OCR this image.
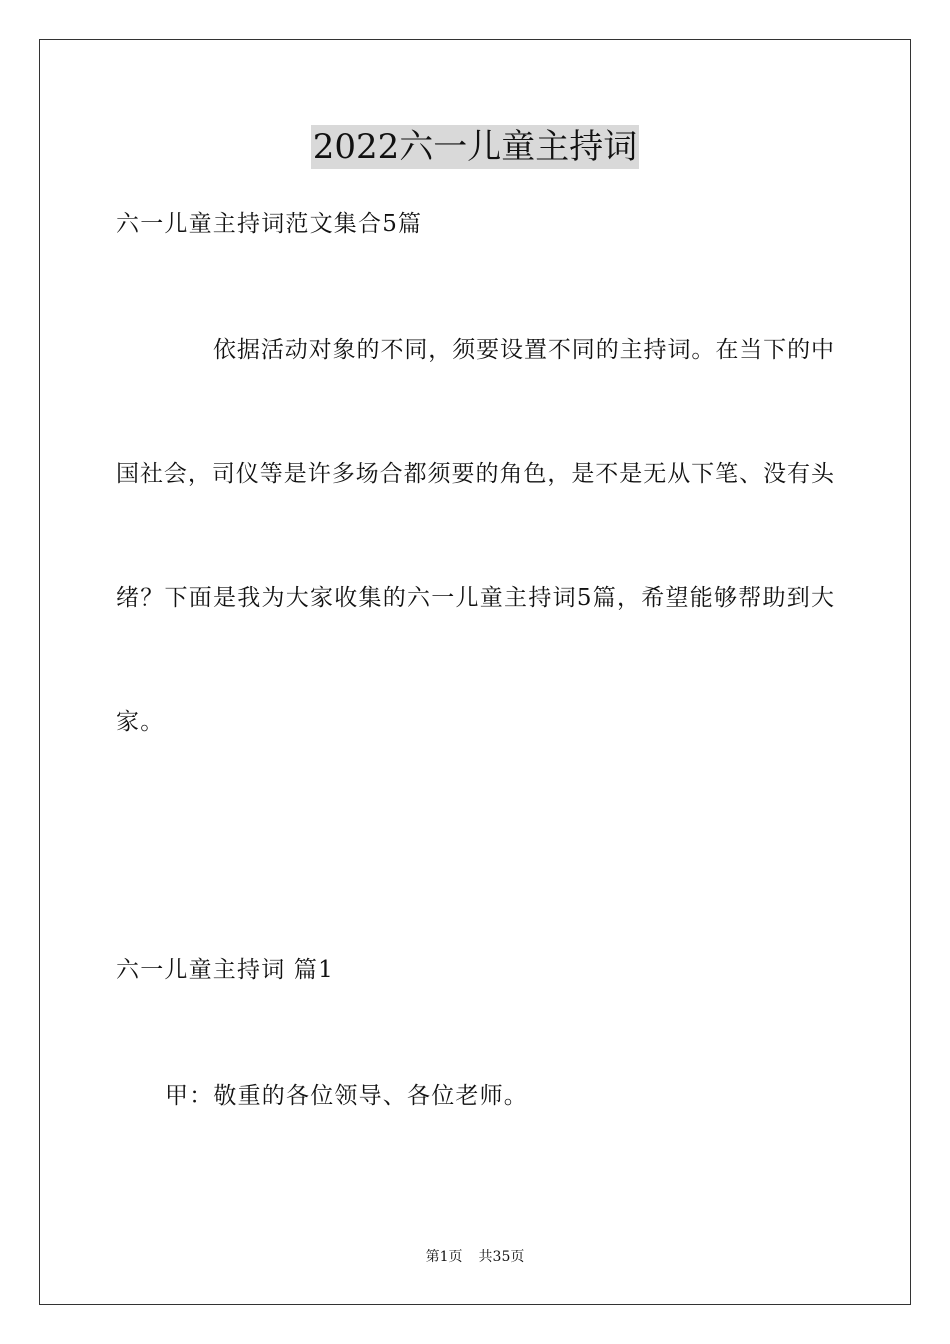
2022六一儿童主持词
六一儿童主持词范文集合5篇
依据活动对象的不同，须要设置不同的主持词。在当下的中
国社会，司仪等是许多场合都须要的角色，是不是无从下笔、没有头
绪？下面是我为大家收集的六一儿童主持词5篇，希望能够帮助到大
家。
六一儿童主持词 篇1
甲：敬重的各位领导、各位老师。
第1页 共35页
